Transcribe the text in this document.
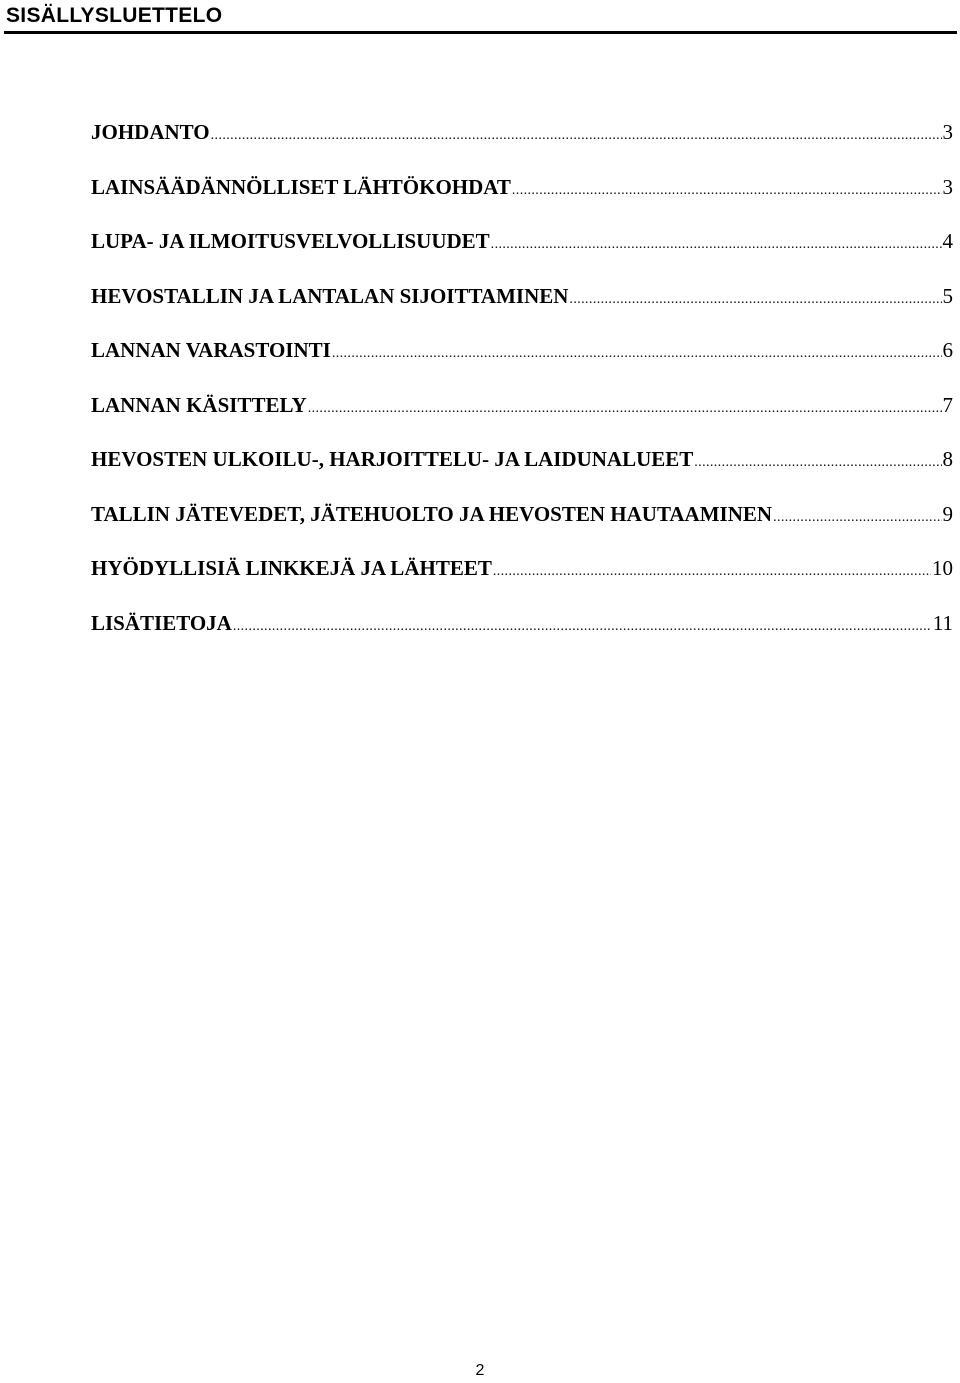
SISÄLLYSLUETTELO
JOHDANTO .....	3
LAINSÄÄDÄNNÖLLISET LÄHTÖKOHDAT .....	3
LUPA- JA ILMOITUSVELVOLLISUUDET .....	4
HEVOSTALLIN JA LANTALAN SIJOITTAMINEN .....	5
LANNAN VARASTOINTI .....	6
LANNAN KÄSITTELY .....	7
HEVOSTEN ULKOILU-, HARJOITTELU- JA LAIDUNALUEET .....	8
TALLIN JÄTEVEDET, JÄTEHUOLTO JA HEVOSTEN HAUTAAMINEN .....	9
HYÖDYLLISIÄ LINKKEJÄ JA LÄHTEET .....	10
LISÄTIETOJA .....	11
2
